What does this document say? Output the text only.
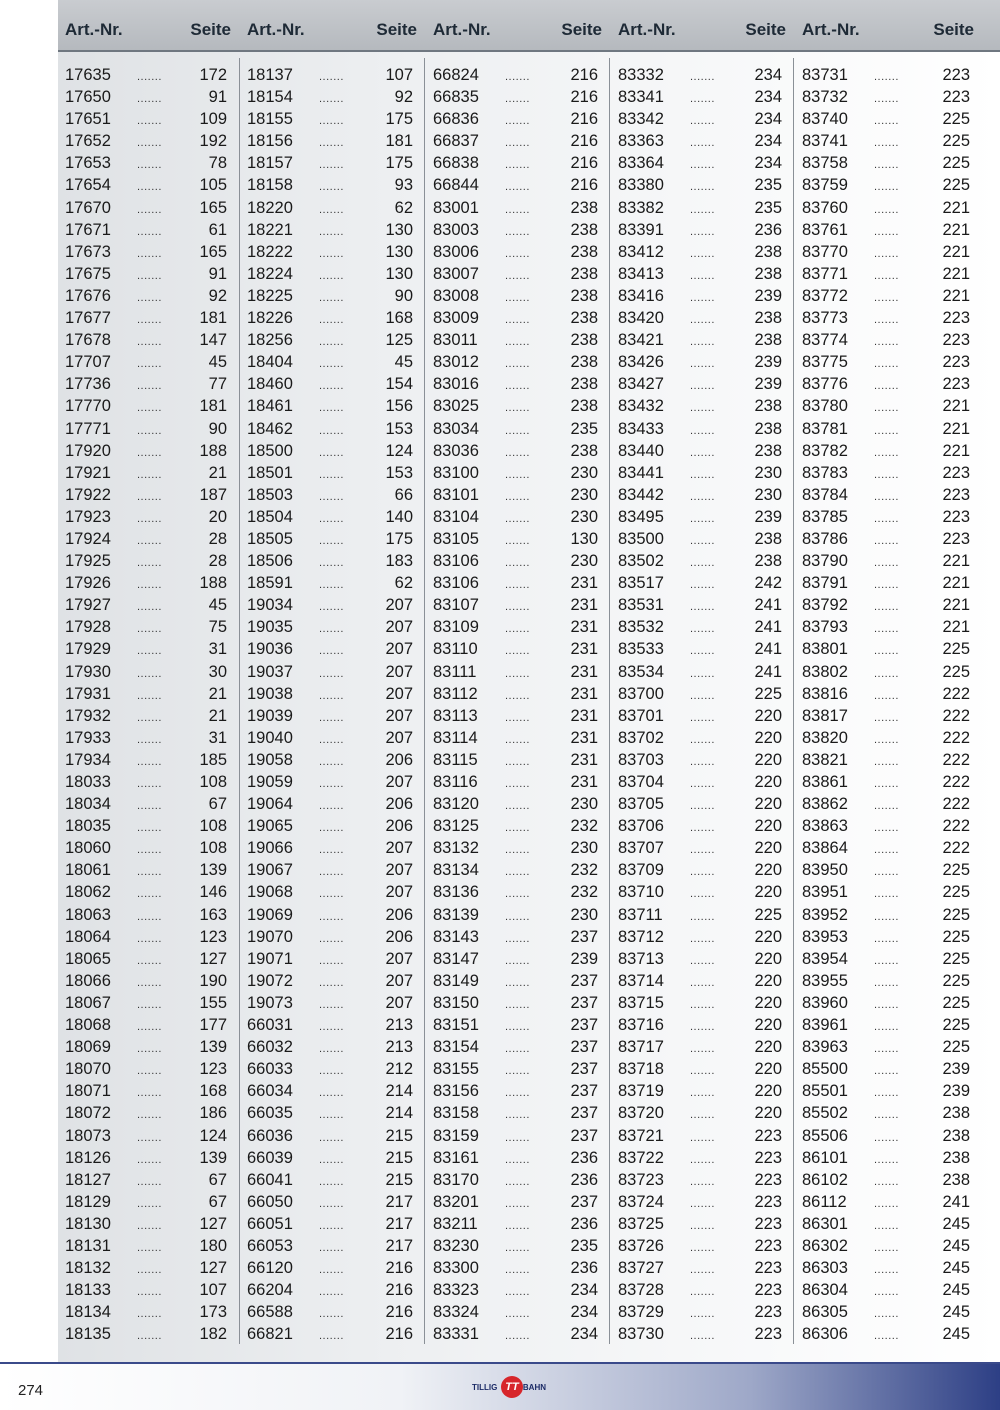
Art.-Nr.	Seite
17635 .......	172
17650 .......	91
17651 .......	109
17652 .......	192
17653 .......	78
17654 .......	105
17670 .......	165
17671 .......	61
17673 .......	165
17675 .......	91
17676 .......	92
17677 .......	181
17678 .......	147
17707 .......	45
17736 .......	77
17770 .......	181
17771 .......	90
17920 .......	188
17921 .......	21
17922 .......	187
17923 .......	20
17924 .......	28
17925 .......	28
17926 .......	188
17927 .......	45
17928 .......	75
17929 .......	31
17930 .......	30
17931 .......	21
17932 .......	21
17933 .......	31
17934 .......	185
18033 .......	108
18034 .......	67
18035 .......	108
18060 .......	108
18061 .......	139
18062 .......	146
18063 .......	163
18064 .......	123
18065 .......	127
18066 .......	190
18067 .......	155
18068 .......	177
18069 .......	139
18070 .......	123
18071 .......	168
18072 .......	186
18073 .......	124
18126 .......	139
18127 .......	67
18129 .......	67
18130 .......	127
18131 .......	180
18132 .......	127
18133 .......	107
18134 .......	173
18135 .......	182
Art.-Nr.	Seite
18137 .......	107
18154 .......	92
18155 .......	175
18156 .......	181
18157 .......	175
18158 .......	93
18220 .......	62
18221 .......	130
18222 .......	130
18224 .......	130
18225 .......	90
18226 .......	168
18256 .......	125
18404 .......	45
18460 .......	154
18461 .......	156
18462 .......	153
18500 .......	124
18501 .......	153
18503 .......	66
18504 .......	140
18505 .......	175
18506 .......	183
18591 .......	62
19034 .......	207
19035 .......	207
19036 .......	207
19037 .......	207
19038 .......	207
19039 .......	207
19040 .......	207
19058 .......	206
19059 .......	207
19064 .......	206
19065 .......	206
19066 .......	207
19067 .......	207
19068 .......	207
19069 .......	206
19070 .......	206
19071 .......	207
19072 .......	207
19073 .......	207
66031 .......	213
66032 .......	213
66033 .......	212
66034 .......	214
66035 .......	214
66036 .......	215
66039 .......	215
66041 .......	215
66050 .......	217
66051 .......	217
66053 .......	217
66120 .......	216
66204 .......	216
66588 .......	216
66821 .......	216
Art.-Nr.	Seite
66824 .......	216
66835 .......	216
66836 .......	216
66837 .......	216
66838 .......	216
66844 .......	216
83001 .......	238
83003 .......	238
83006 .......	238
83007 .......	238
83008 .......	238
83009 .......	238
83011 .......	238
83012 .......	238
83016 .......	238
83025 .......	238
83034 .......	235
83036 .......	238
83100 .......	230
83101 .......	230
83104 .......	230
83105 .......	130
83106 .......	230
83106 .......	231
83107 .......	231
83109 .......	231
83110 .......	231
83111	.......	231
83112 .......	231
83113 .......	231
83114 .......	231
83115 .......	231
83116 .......	231
83120 .......	230
83125 .......	232
83132 .......	230
83134 .......	232
83136 .......	232
83139 .......	230
83143 .......	237
83147 .......	239
83149 .......	237
83150 .......	237
83151 .......	237
83154 .......	237
83155 .......	237
83156 .......	237
83158 .......	237
83159 .......	237
83161 .......	236
83170 .......	236
83201 .......	237
83211 .......	236
83230 .......	235
83300 .......	236
83323 .......	234
83324 .......	234
83331 .......	234
Art.-Nr.	Seite
83332 .......	234
83341 .......	234
83342 .......	234
83363 .......	234
83364 .......	234
83380 .......	235
83382 .......	235
83391 .......	236
83412 .......	238
83413 .......	238
83416 .......	239
83420 .......	238
83421 .......	238
83426 .......	239
83427 .......	239
83432 .......	238
83433 .......	238
83440 .......	238
83441 .......	230
83442 .......	230
83495 .......	239
83500 .......	238
83502 .......	238
83517 .......	242
83531 .......	241
83532 .......	241
83533 .......	241
83534 .......	241
83700 .......	225
83701 .......	220
83702 .......	220
83703 .......	220
83704 .......	220
83705 .......	220
83706 .......	220
83707 .......	220
83709 .......	220
83710 .......	220
83711 .......	225
83712 .......	220
83713 .......	220
83714 .......	220
83715 .......	220
83716 .......	220
83717 .......	220
83718 .......	220
83719 .......	220
83720 .......	220
83721 .......	223
83722 .......	223
83723 .......	223
83724 .......	223
83725 .......	223
83726 .......	223
83727 .......	223
83728 .......	223
83729 .......	223
83730 .......	223
Art.-Nr.	Seite
83731 .......	223
83732 .......	223
83740 .......	225
83741 .......	225
83758 .......	225
83759 .......	225
83760 .......	221
83761 .......	221
83770 .......	221
83771 .......	221
83772 .......	221
83773 .......	223
83774 .......	223
83775 .......	223
83776 .......	223
83780 .......	221
83781 .......	221
83782 .......	221
83783 .......	223
83784 .......	223
83785 .......	223
83786 .......	223
83790 .......	221
83791 .......	221
83792 .......	221
83793 .......	221
83801 .......	225
83802 .......	225
83816 .......	222
83817 .......	222
83820 .......	222
83821 .......	222
83861 .......	222
83862 .......	222
83863 .......	222
83864 .......	222
83950 .......	225
83951 .......	225
83952 .......	225
83953 .......	225
83954 .......	225
83955 .......	225
83960 .......	225
83961 .......	225
83963 .......	225
85500 .......	239
85501 .......	239
85502 .......	238
85506 .......	238
86101 .......	238
86102 .......	238
86112 .......	241
86301 .......	245
86302 .......	245
86303 .......	245
86304 .......	245
86305 .......	245
86306 .......	245
274	TILLIG TT BAHN
